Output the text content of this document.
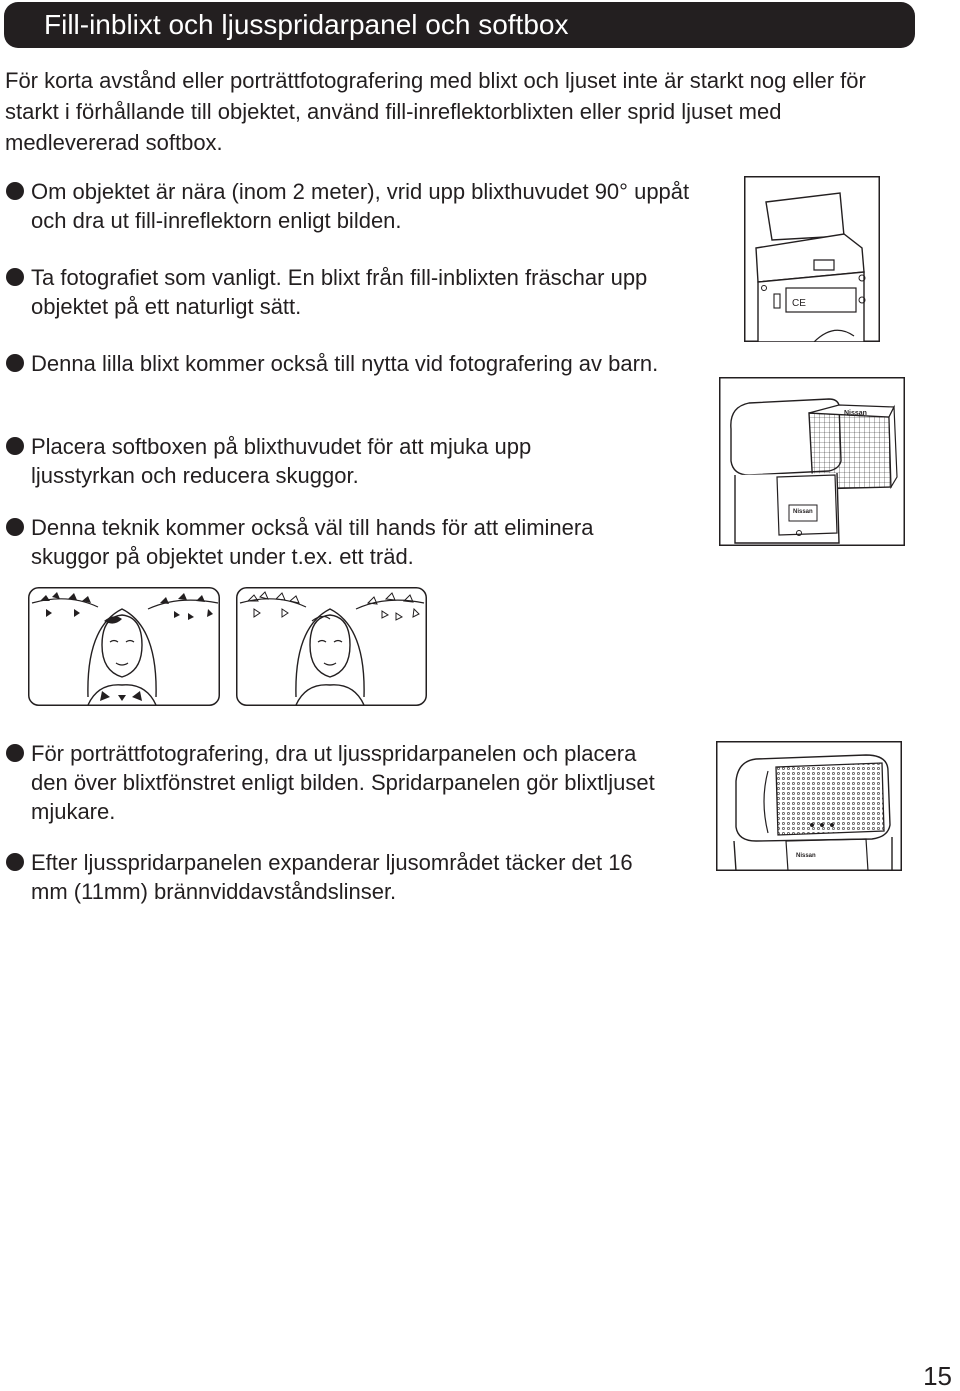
Fill-inblixt och ljusspridarpanel och softbox

För korta avstånd eller porträttfotografering med blixt och ljuset inte är starkt nog eller för starkt i förhållande till objektet, använd fill-inreflektorblixten eller sprid ljuset med medlevererad softbox.

Om objektet är nära (inom 2 meter), vrid upp blixthuvudet 90° uppåt och dra ut fill-inreflektorn enligt bilden.
Ta fotografiet som vanligt. En blixt från fill-inblixten fräschar upp objektet på ett naturligt sätt.
Denna lilla blixt kommer också till nytta vid fotografering av barn.
Placera softboxen på blixthuvudet för att mjuka upp ljusstyrkan och reducera skuggor.
Denna teknik kommer också väl till hands för att eliminera skuggor på objektet under t.ex. ett träd.
För porträttfotografering, dra ut ljusspridarpanelen och placera den över blixtfönstret enligt bilden. Spridarpanelen gör blixtljuset mjukare.
Efter ljusspridarpanelen expanderar ljusområdet täcker det 16 mm (11mm) brännviddavståndslinser.
CE
Nissan
Nissan
Nissan
15
